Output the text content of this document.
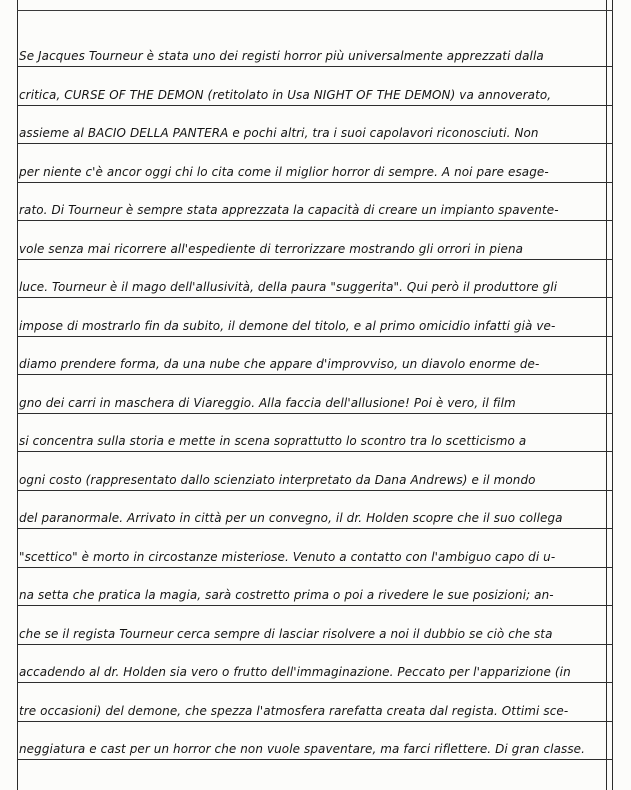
Se Jacques Tourneur è stata uno dei registi horror più universalmente apprezzati dalla
critica, CURSE OF THE DEMON (retitolato in Usa NIGHT OF THE DEMON) va annoverato,
assieme al BACIO DELLA PANTERA e pochi altri, tra i suoi capolavori riconosciuti. Non
per niente c'è ancor oggi chi lo cita come il miglior horror di sempre. A noi pare esage-
rato. Di Tourneur è sempre stata apprezzata la capacità di creare un impianto spavente-
vole senza mai ricorrere all'espediente di terrorizzare mostrando gli orrori in piena
luce. Tourneur è il mago dell'allusività, della paura "suggerita". Qui però il produttore gli
impose di mostrarlo fin da subito, il demone del titolo, e al primo omicidio infatti già ve-
diamo prendere forma, da una nube che appare d'improvviso, un diavolo enorme de-
gno dei carri in maschera di Viareggio. Alla faccia dell'allusione! Poi è vero, il film
si concentra sulla storia e mette in scena soprattutto lo scontro tra lo scetticismo a
ogni costo (rappresentato dallo scienziato interpretato da Dana Andrews) e il mondo
del paranormale. Arrivato in città per un convegno, il dr. Holden scopre che il suo collega
"scettico" è morto in circostanze misteriose. Venuto a contatto con l'ambiguo capo di u-
na setta che pratica la magia, sarà costretto prima o poi a rivedere le sue posizioni; an-
che se il regista Tourneur cerca sempre di lasciar risolvere a noi il dubbio se ciò che sta
accadendo al dr. Holden sia vero o frutto dell'immaginazione. Peccato per l'apparizione (in
tre occasioni) del demone, che spezza l'atmosfera rarefatta creata dal regista. Ottimi sce-
neggiatura e cast per un horror che non vuole spaventare, ma farci riflettere. Di gran classe.
